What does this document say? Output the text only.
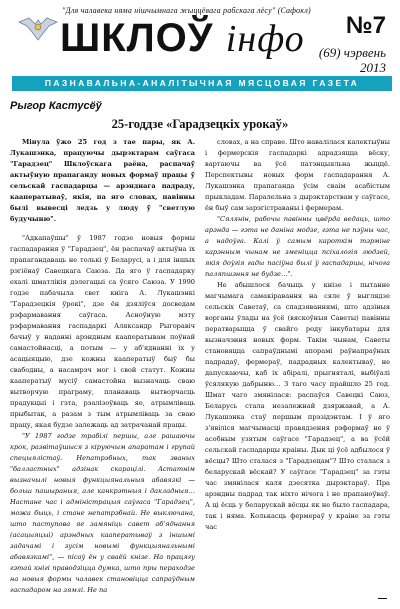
"Для чалавека няма нiшчымнага жыццёвага рабскага лёсу" (Сафокл)
ШКЛОЎ iнфо №7
(69) чэрвень
2013
ПАЗНАВАЛЬНА-АНАЛIТЫЧНАЯ МЯСЦОВАЯ ГАЗЕТА
Рыгор Кастусёў
25-годдзе «Гарадзецкіх урокаў»

Мінула ўжо 25 год з тае пары, як А. Лукашэнка, працуючы дырэктарам саўгаса "Гарадзец" Шклоўскага раёна, распачаў актыўную прапаганду новых формаў працы ў сельскай гаспадарцы — арэнднага падраду, кааператываў, якія, па яго словах, павінны былі вывесці ледзь у люду ў "светлую будучыню".

"Адкапаўшы" ў 1987 годзе новыя формы гаспадарання ў "Гарадзец", ён распачаў актыўна іх прапагандаваць не толькі ў Беларусі, а і для іншых рэгіёнаў Савецкага Саюза. Да яго ў гаспадарку ехалі шматлікія дэлегацыі са ўсяго Саюза. У 1990 годзе пабачыла свет кніга А. Лукашэнкі "Гарадзецкія ўрокі", дзе ён дзяліўся досведам рэфармавання саўгаса. Асноўную мэту рэфармавання гаспадаркі Аляксандр Рыгоравіч бачыў у наданні арэндным кааператывам поўнай самастойнасці, а потым — у аб'яднанні іх у асацыяцыю, дзе кожны кааператыў быў бы свабодны, а насамрэч мог і свой статут. Кожны кааператыў мусіў самастойна вызначаць сваю вытворчую праграму, планаваць вытворчасць прадукцыі і гэта, рэалізоўваць яе, атрымліваць прыбытак, а разам з тым атрымліваць за сваю працу, якая будзе залежаць ад затрачанай працы.

"У 1987 годзе трабілі першы, але рашаючы крок, развітаўшыся з кіруючым апаратам і групай спецыялістаў. Непатрэбных, так званых "балластных" адзінак скарацілі. Астатнім вызначылі новыя функцыянальныя абавязкі — больш пашыраныя, але канкрэтныя і дакладныя… Настане час і адміністрацыя саўгаса "Гарадзец", можа быць, і стане непатрэбнай. Не выключана, што паступова яе замяніць савет аб'яднання (асацыяцыі) арэндных кааператываў з іншымі задачамі і зусім новымі функцыянальнымі абавязкамі", — пісаў ён у сваёй кнізе. На працягу гэтай кнігі праводзіцца думка, што пры пераходзе на новыя формы чалавек становіцца сапраўдным гаспадаром на зямлі. Не па

словах, а на справе. Што навалілася калектыўны і фермерскія гаспадаркі адрадзяцца вёску, вартаючы ва ўсё патэнцыяльна жыццё. Перспектывы новых форм гаспадарання А. Лукашэнка прапаганда ўсім сваім асабістым прыкладам. Паралельна з дырэктарствам у саўгасе, ён быў сам зарэгістраваны і фермерам.

"Сялянін, рабочы павінны цвёрда ведаць, што арэнда — гэта не даніна модзе, гэта не пэўны час, а надоўга. Калі ў самым кароткім тэрміне карэнным чынам не зменіцца псіхалогія людзей, якія доўгія гады пасіўна былі ў гаспадарцы, нічога паляпшэння не будзе…".

Не абышлося бачыць у кнізе і пытанне магчымага самакіравання на сяле ў выглядзе сельскіх Саветаў, са спадзяваннямі, што адзіныя ворганы ўлады на ўсё (вяскоўныя Саветы) павінны ператварыцца ў свайго роду інкубатары для вызначэння новых форм. Такім чынам, Саветы становяцца сапраўднымі апорамі раўнапраўных падрадаў, фермераў, падрадных калектываў, не дапускаючы, каб іх абіралі, прыгняталі, выбіўалі ўсялякую дабрыню… З таго часу прайшло 25 год. Шмат чаго змянілася: распаўся Савецкі Саюз, Беларусь стала незалежнай дзяржавай, а А. Лукашэнка стаў першым прэзідэнтам. І ў яго з'явіліся магчымасці правядзення рэформаў не ў асобным узятым саўгасе "Гарадзец", а ва ўсёй сельскай гаспадарцы краіны. Дык ці ўсё адбылося ў вёсцы? Што сталася з "Гарадзецам"? Што сталася з беларускай вёскай? У саўгасе "Гарадзец" за гэты час змянілася каля дзесятка дырэктараў. Пра арэндны падрад так ніхто нічога і не прапаноўваў. А ці ёсць у беларускай вёсцы як не было гаспадара, так і няма. Колькасць фермераў у краіне за гэты час
